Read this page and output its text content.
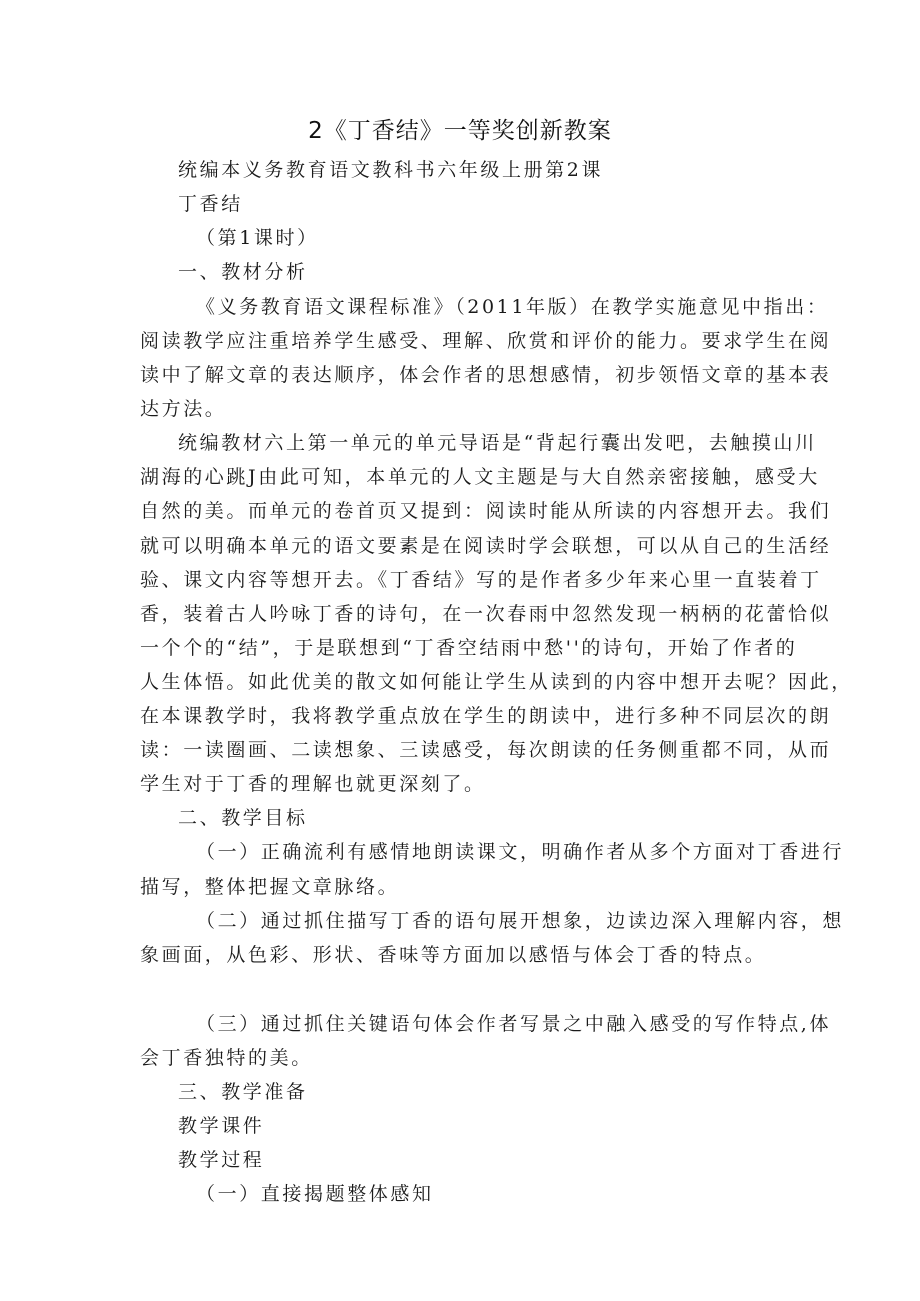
2《丁香结》一等奖创新教案
统编本义务教育语文教科书六年级上册第2课
丁香结
（第1课时）
一、教材分析
《义务教育语文课程标准》（2011年版）在教学实施意见中指出：
阅读教学应注重培养学生感受、理解、欣赏和评价的能力。要求学生在阅
读中了解文章的表达顺序，体会作者的思想感情，初步领悟文章的基本表
达方法。
统编教材六上第一单元的单元导语是“背起行囊出发吧，去触摸山川
湖海的心跳J由此可知，本单元的人文主题是与大自然亲密接触，感受大
自然的美。而单元的卷首页又提到：阅读时能从所读的内容想开去。我们
就可以明确本单元的语文要素是在阅读时学会联想，可以从自己的生活经
验、课文内容等想开去。《丁香结》写的是作者多少年来心里一直装着丁
香，装着古人吟咏丁香的诗句，在一次春雨中忽然发现一柄柄的花蕾恰似
一个个的“结”，于是联想到“丁香空结雨中愁''的诗句，开始了作者的
人生体悟。如此优美的散文如何能让学生从读到的内容中想开去呢？因此，
在本课教学时，我将教学重点放在学生的朗读中，进行多种不同层次的朗
读：一读圈画、二读想象、三读感受，每次朗读的任务侧重都不同，从而
学生对于丁香的理解也就更深刻了。
二、教学目标
（一）正确流利有感情地朗读课文，明确作者从多个方面对丁香进行
描写，整体把握文章脉络。
（二）通过抓住描写丁香的语句展开想象，边读边深入理解内容，想
象画面，从色彩、形状、香味等方面加以感悟与体会丁香的特点。
（三）通过抓住关键语句体会作者写景之中融入感受的写作特点,体
会丁香独特的美。
三、教学准备
教学课件
教学过程
（一）直接揭题整体感知
